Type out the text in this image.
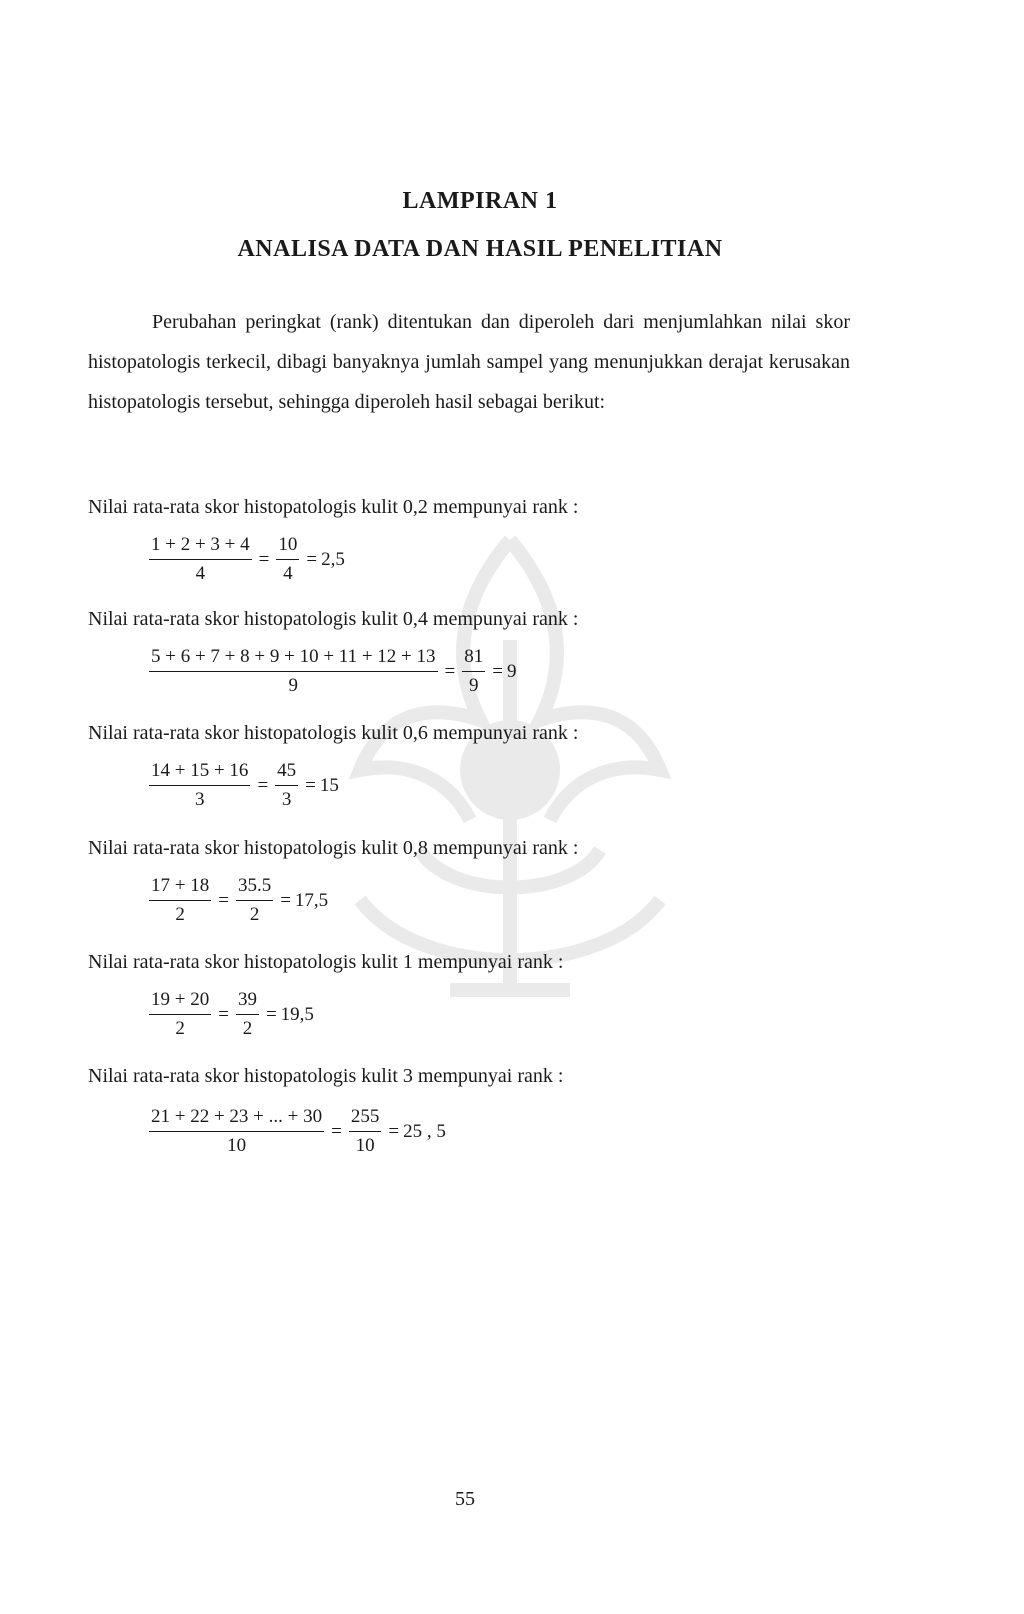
LAMPIRAN 1
ANALISA DATA DAN HASIL PENELITIAN
Perubahan peringkat (rank) ditentukan dan diperoleh dari menjumlahkan nilai skor histopatologis terkecil, dibagi banyaknya jumlah sampel yang menunjukkan derajat kerusakan histopatologis tersebut, sehingga diperoleh hasil sebagai berikut:
Nilai rata-rata skor histopatologis kulit 0,2 mempunyai rank :
$\frac{1 + 2 + 3 + 4}{4} = \frac{10}{4} = 2,5$
Nilai rata-rata skor histopatologis kulit 0,4 mempunyai rank :
$\frac{5 + 6 + 7 + 8 + 9 + 10 + 11 + 12 + 13}{9} = \frac{81}{9} = 9$
Nilai rata-rata skor histopatologis kulit 0,6 mempunyai rank :
$\frac{14 + 15 + 16}{3} = \frac{45}{3} = 15$
Nilai rata-rata skor histopatologis kulit 0,8 mempunyai rank :
$\frac{17 + 18}{2} = \frac{35.5}{2} = 17,5$
Nilai rata-rata skor histopatologis kulit 1 mempunyai rank :
$\frac{19 + 20}{2} = \frac{39}{2} = 19,5$
Nilai rata-rata skor histopatologis kulit 3 mempunyai rank :
$\frac{21 + 22 + 23 + ... + 30}{10} = \frac{255}{10} = 25$ , 5
55
